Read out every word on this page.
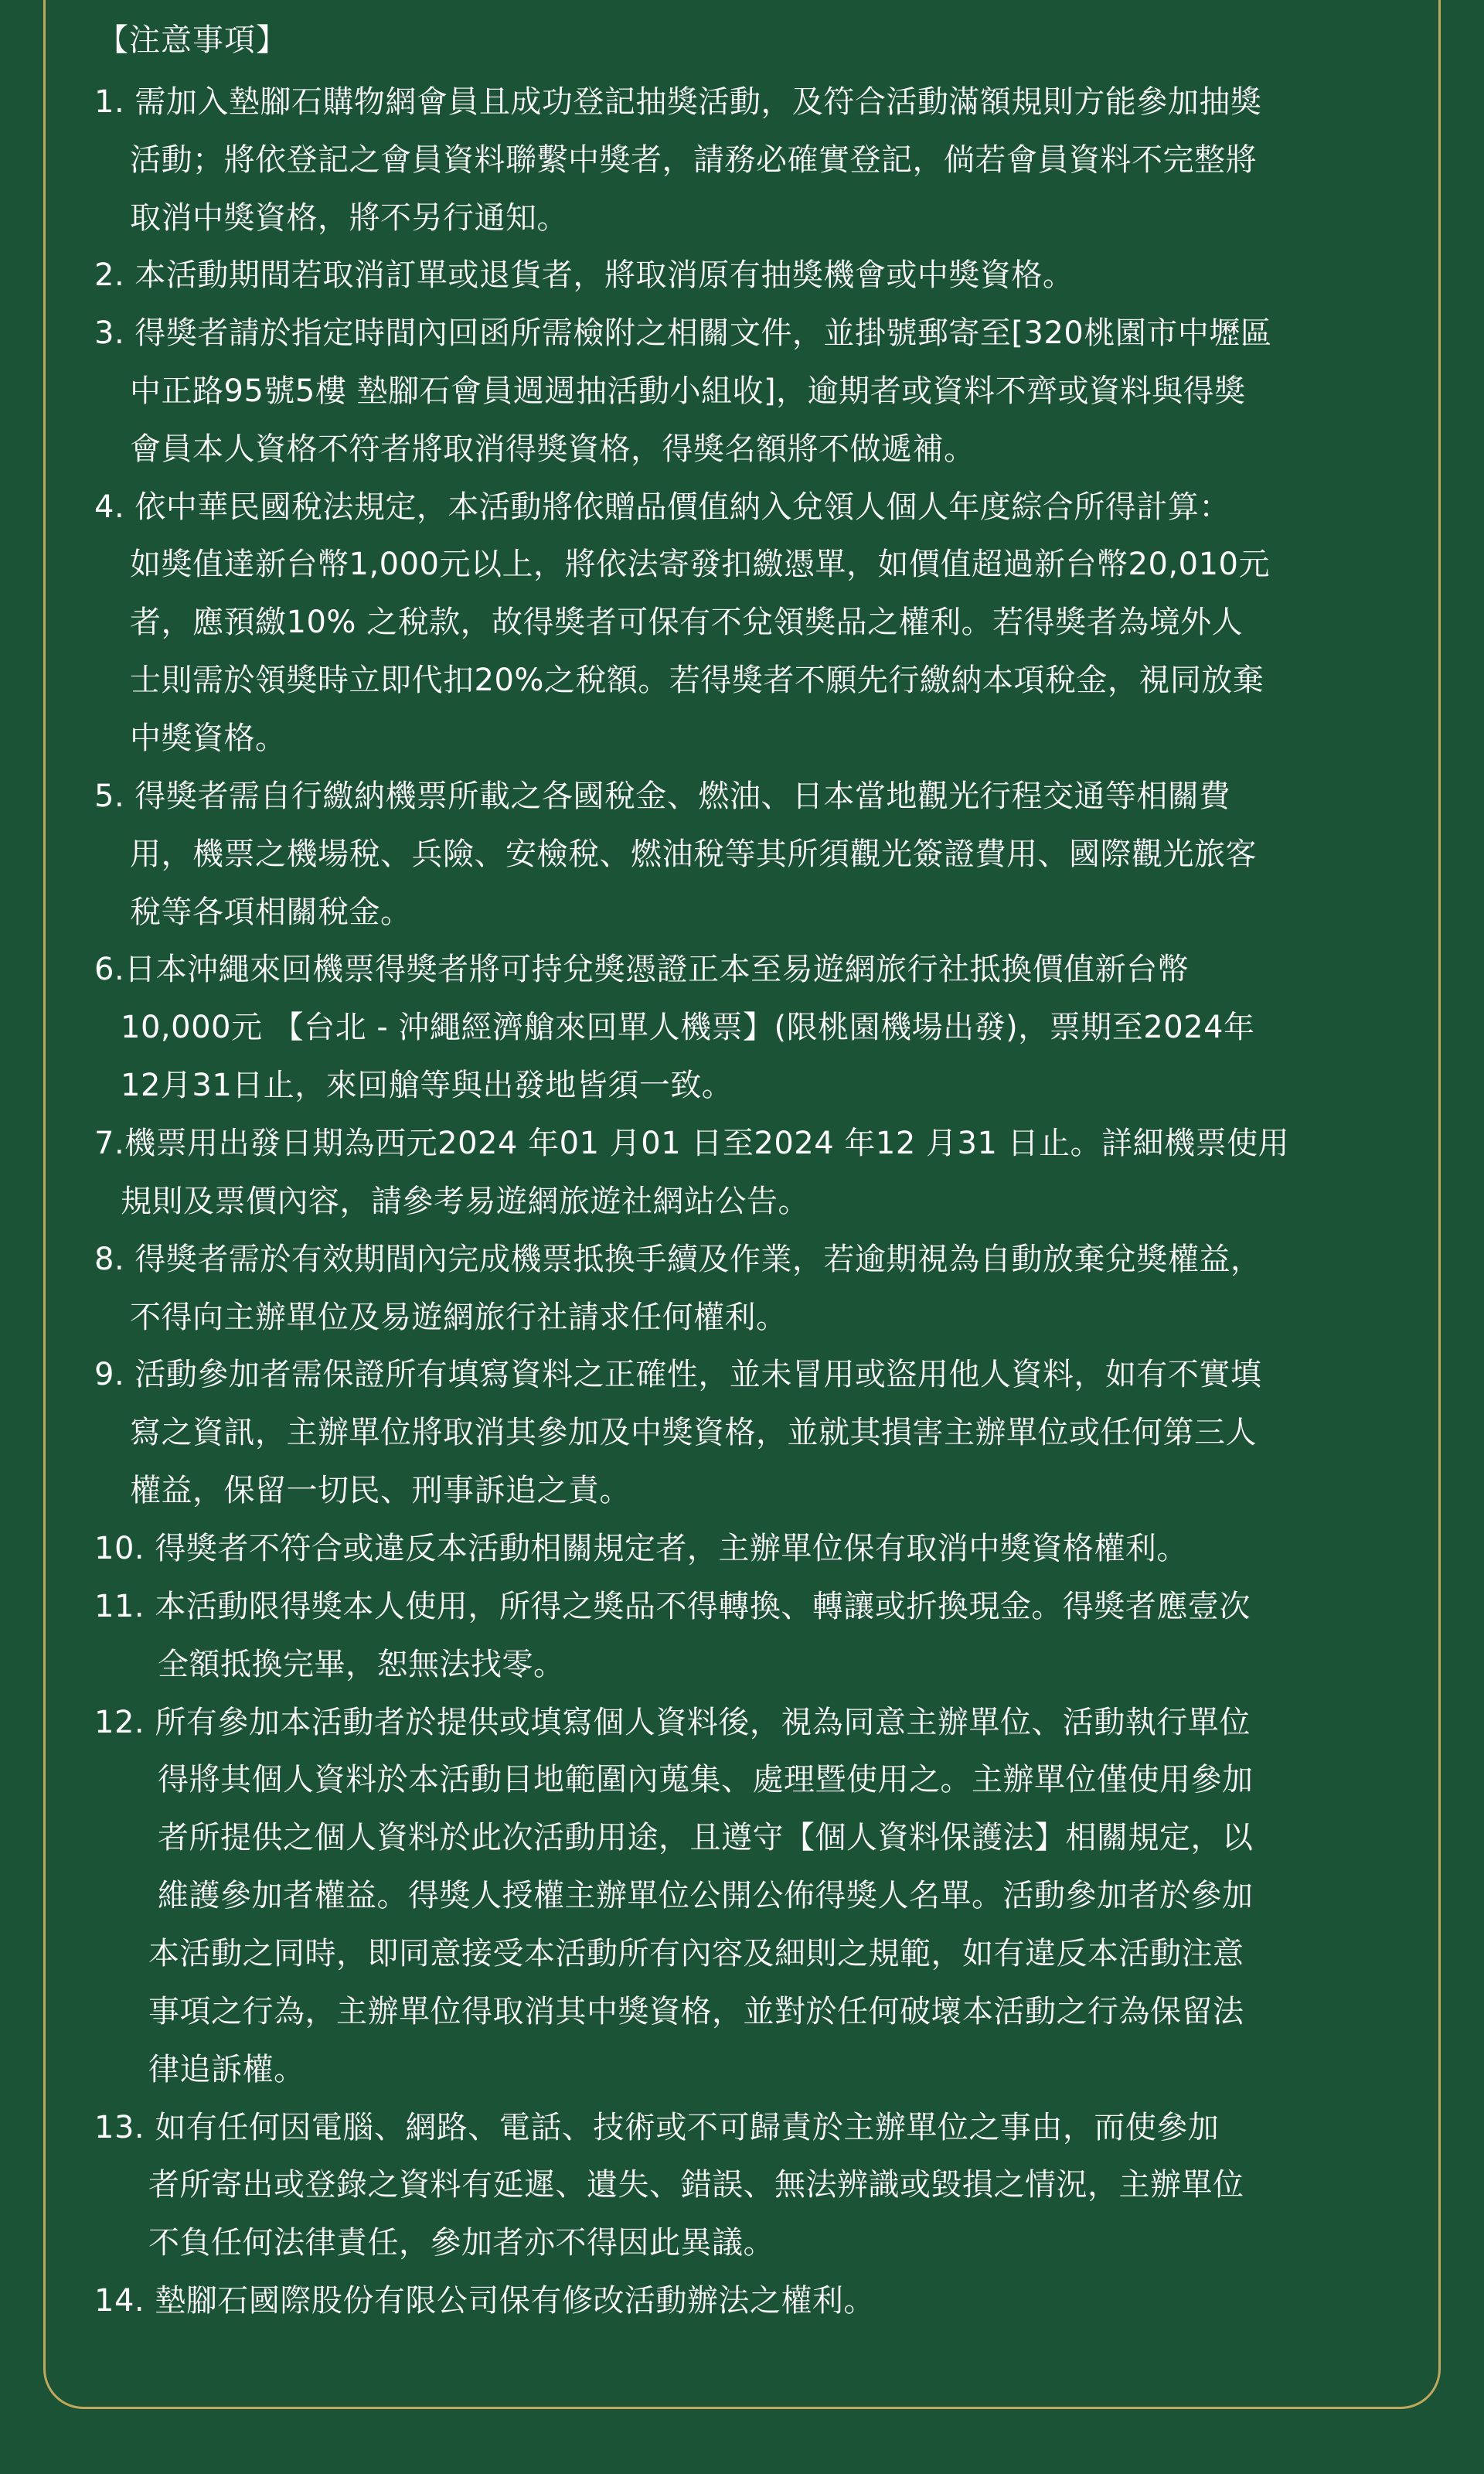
【注意事項】
1. 需加入墊腳石購物網會員且成功登記抽獎活動，及符合活動滿額規則方能參加抽獎
活動；將依登記之會員資料聯繫中獎者，請務必確實登記，倘若會員資料不完整將
取消中獎資格，將不另行通知。
2. 本活動期間若取消訂單或退貨者，將取消原有抽獎機會或中獎資格。
3. 得獎者請於指定時間內回函所需檢附之相關文件，並掛號郵寄至[320桃園市中壢區
中正路95號5樓 墊腳石會員週週抽活動小組收]，逾期者或資料不齊或資料與得獎
會員本人資格不符者將取消得獎資格，得獎名額將不做遞補。
4. 依中華民國稅法規定，本活動將依贈品價值納入兌領人個人年度綜合所得計算：
如獎值達新台幣1,000元以上，將依法寄發扣繳憑單，如價值超過新台幣20,010元
者，應預繳10% 之稅款，故得獎者可保有不兌領獎品之權利。若得獎者為境外人
士則需於領獎時立即代扣20%之稅額。若得獎者不願先行繳納本項稅金，視同放棄
中獎資格。
5. 得獎者需自行繳納機票所載之各國稅金、燃油、日本當地觀光行程交通等相關費
用，機票之機場稅、兵險、安檢稅、燃油稅等其所須觀光簽證費用、國際觀光旅客
稅等各項相關稅金。
6.日本沖繩來回機票得獎者將可持兌獎憑證正本至易遊網旅行社抵換價值新台幣
10,000元 【台北 - 沖繩經濟艙來回單人機票】(限桃園機場出發)，票期至2024年
12月31日止，來回艙等與出發地皆須一致。
7.機票用出發日期為西元2024 年01 月01 日至2024 年12 月31 日止。詳細機票使用
規則及票價內容，請參考易遊網旅遊社網站公告。
8. 得獎者需於有效期間內完成機票抵換手續及作業，若逾期視為自動放棄兌獎權益，
不得向主辦單位及易遊網旅行社請求任何權利。
9. 活動參加者需保證所有填寫資料之正確性，並未冒用或盜用他人資料，如有不實填
寫之資訊，主辦單位將取消其參加及中獎資格，並就其損害主辦單位或任何第三人
權益，保留一切民、刑事訴追之責。
10. 得獎者不符合或違反本活動相關規定者，主辦單位保有取消中獎資格權利。
11. 本活動限得獎本人使用，所得之獎品不得轉換、轉讓或折換現金。得獎者應壹次
全額抵換完畢，恕無法找零。
12. 所有參加本活動者於提供或填寫個人資料後，視為同意主辦單位、活動執行單位
得將其個人資料於本活動目地範圍內蒐集、處理暨使用之。主辦單位僅使用參加
者所提供之個人資料於此次活動用途，且遵守【個人資料保護法】相關規定，以
維護參加者權益。得獎人授權主辦單位公開公佈得獎人名單。活動參加者於參加
本活動之同時，即同意接受本活動所有內容及細則之規範，如有違反本活動注意
事項之行為，主辦單位得取消其中獎資格，並對於任何破壞本活動之行為保留法
律追訴權。
13. 如有任何因電腦、網路、電話、技術或不可歸責於主辦單位之事由，而使參加
者所寄出或登錄之資料有延遲、遺失、錯誤、無法辨識或毀損之情況，主辦單位
不負任何法律責任，參加者亦不得因此異議。
14. 墊腳石國際股份有限公司保有修改活動辦法之權利。
